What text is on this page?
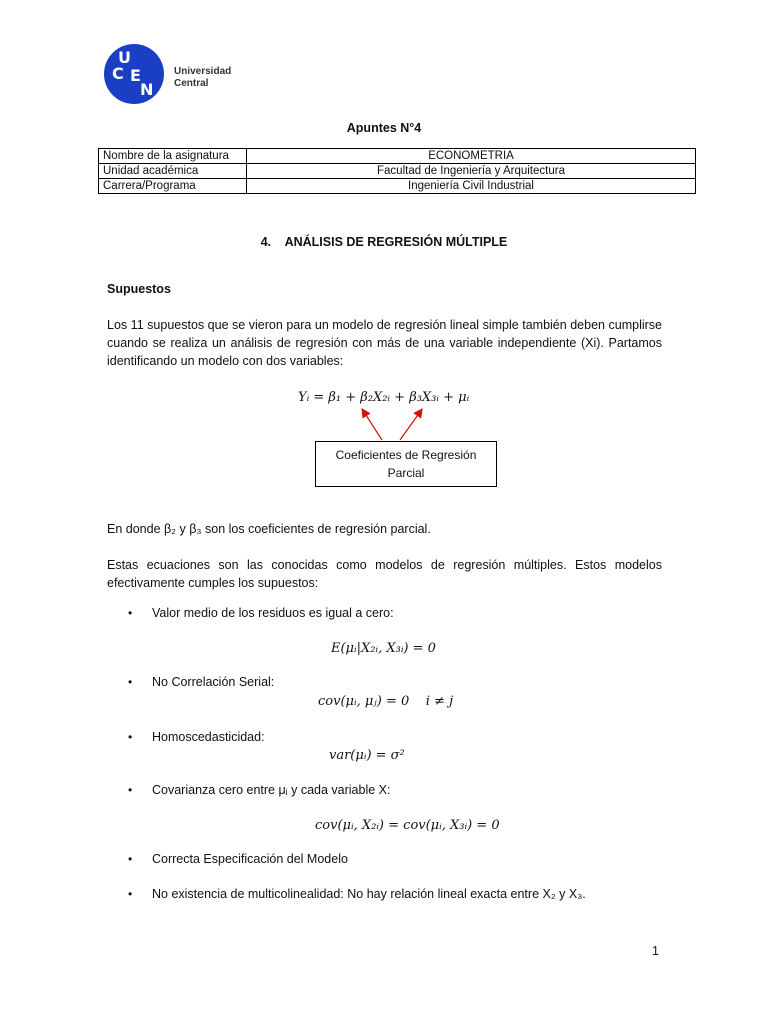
U
C E
N
Universidad
Central
Apuntes N°4
Nombre de la asignatura	ECONOMETRIA
Unidad académica	Facultad de Ingeniería y Arquitectura
Carrera/Programa	Ingeniería Civil Industrial
4.    ANÁLISIS DE REGRESIÓN MÚLTIPLE
Supuestos
Los 11 supuestos que se vieron para un modelo de regresión lineal simple también deben cumplirse cuando se realiza un análisis de regresión con más de una variable independiente (Xi). Partamos identificando un modelo con dos variables:
Yᵢ = β₁ + β₂X₂ᵢ + β₃X₃ᵢ + μᵢ
Coeficientes de Regresión
Parcial
En donde β₂ y β₃ son los coeficientes de regresión parcial.
Estas ecuaciones son las conocidas como modelos de regresión múltiples. Estos modelos efectivamente cumples los supuestos:
• Valor medio de los residuos es igual a cero:
E(μᵢ|X₂ᵢ, X₃ᵢ) = 0
• No Correlación Serial:
cov(μᵢ, μⱼ) = 0    i ≠ j
• Homoscedasticidad:
var(μᵢ) = σ²
• Covarianza cero entre μᵢ y cada variable X:
cov(μᵢ, X₂ᵢ) = cov(μᵢ, X₃ᵢ) = 0
• Correcta Especificación del Modelo
• No existencia de multicolinealidad: No hay relación lineal exacta entre X₂ y X₃.
1
